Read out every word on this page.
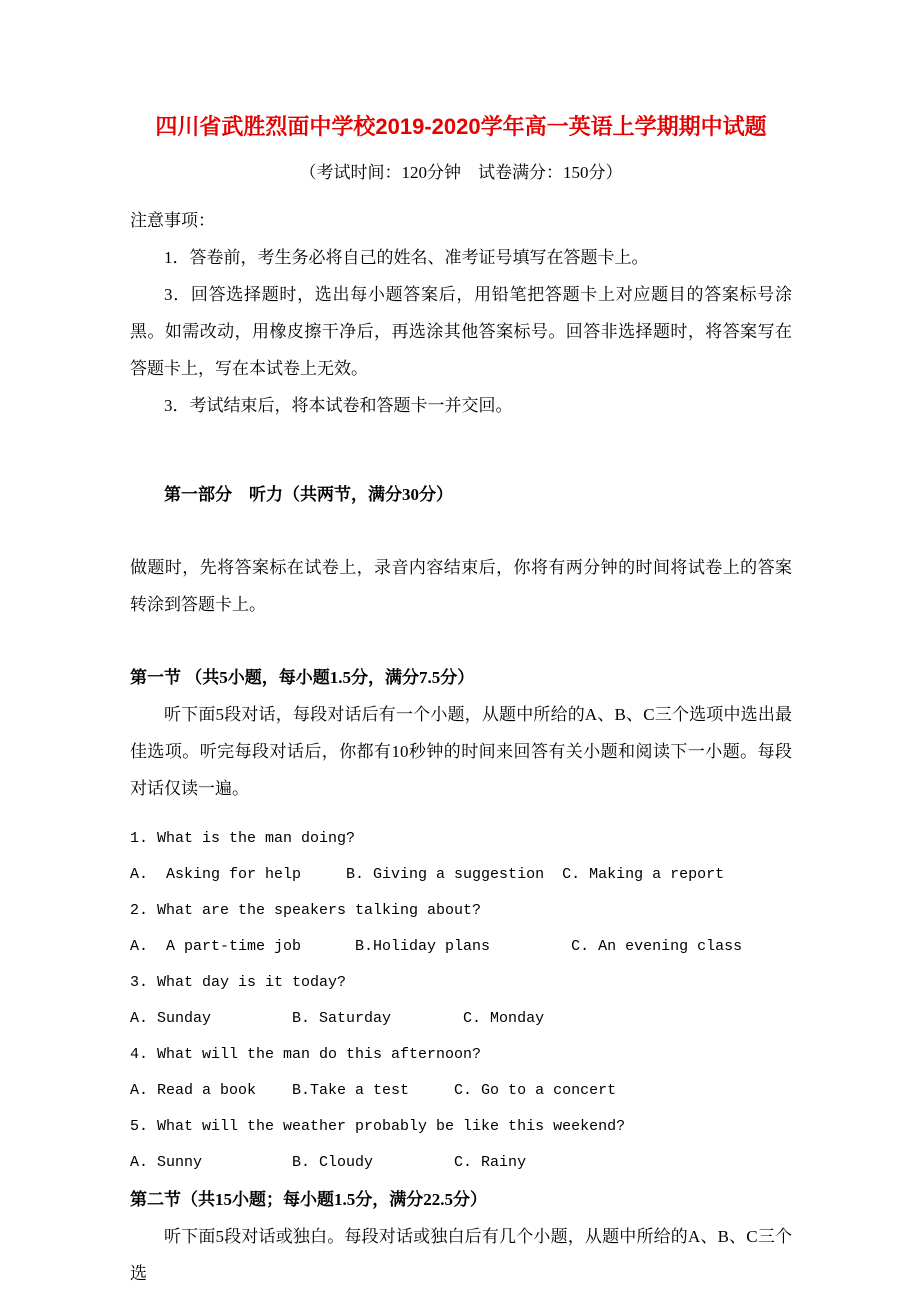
四川省武胜烈面中学校2019-2020学年高一英语上学期期中试题
（考试时间：120分钟　试卷满分：150分）

注意事项：

1．答卷前，考生务必将自己的姓名、准考证号填写在答题卡上。

3．回答选择题时，选出每小题答案后，用铅笔把答题卡上对应题目的答案标号涂黑。如需改动，用橡皮擦干净后，再选涂其他答案标号。回答非选择题时，将答案写在答题卡上，写在本试卷上无效。

3．考试结束后，将本试卷和答题卡一并交回。

第一部分　听力（共两节，满分30分）

做题时，先将答案标在试卷上，录音内容结束后，你将有两分钟的时间将试卷上的答案转涂到答题卡上。

第一节 （共5小题，每小题1.5分，满分7.5分）

听下面5段对话，每段对话后有一个小题，从题中所给的A、B、C三个选项中选出最佳选项。听完每段对话后，你都有10秒钟的时间来回答有关小题和阅读下一小题。每段对话仅读一遍。

1. What is the man doing?

A.  Asking for help     B. Giving a suggestion  C. Making a report

2. What are the speakers talking about?

A.  A part-time job      B.Holiday plans         C. An evening class

3. What day is it today?

A. Sunday         B. Saturday        C. Monday

4. What will the man do this afternoon?

A. Read a book    B.Take a test     C. Go to a concert

5. What will the weather probably be like this weekend?

A. Sunny          B. Cloudy         C. Rainy

第二节（共15小题；每小题1.5分，满分22.5分）

听下面5段对话或独白。每段对话或独白后有几个小题，从题中所给的A、B、C三个选
